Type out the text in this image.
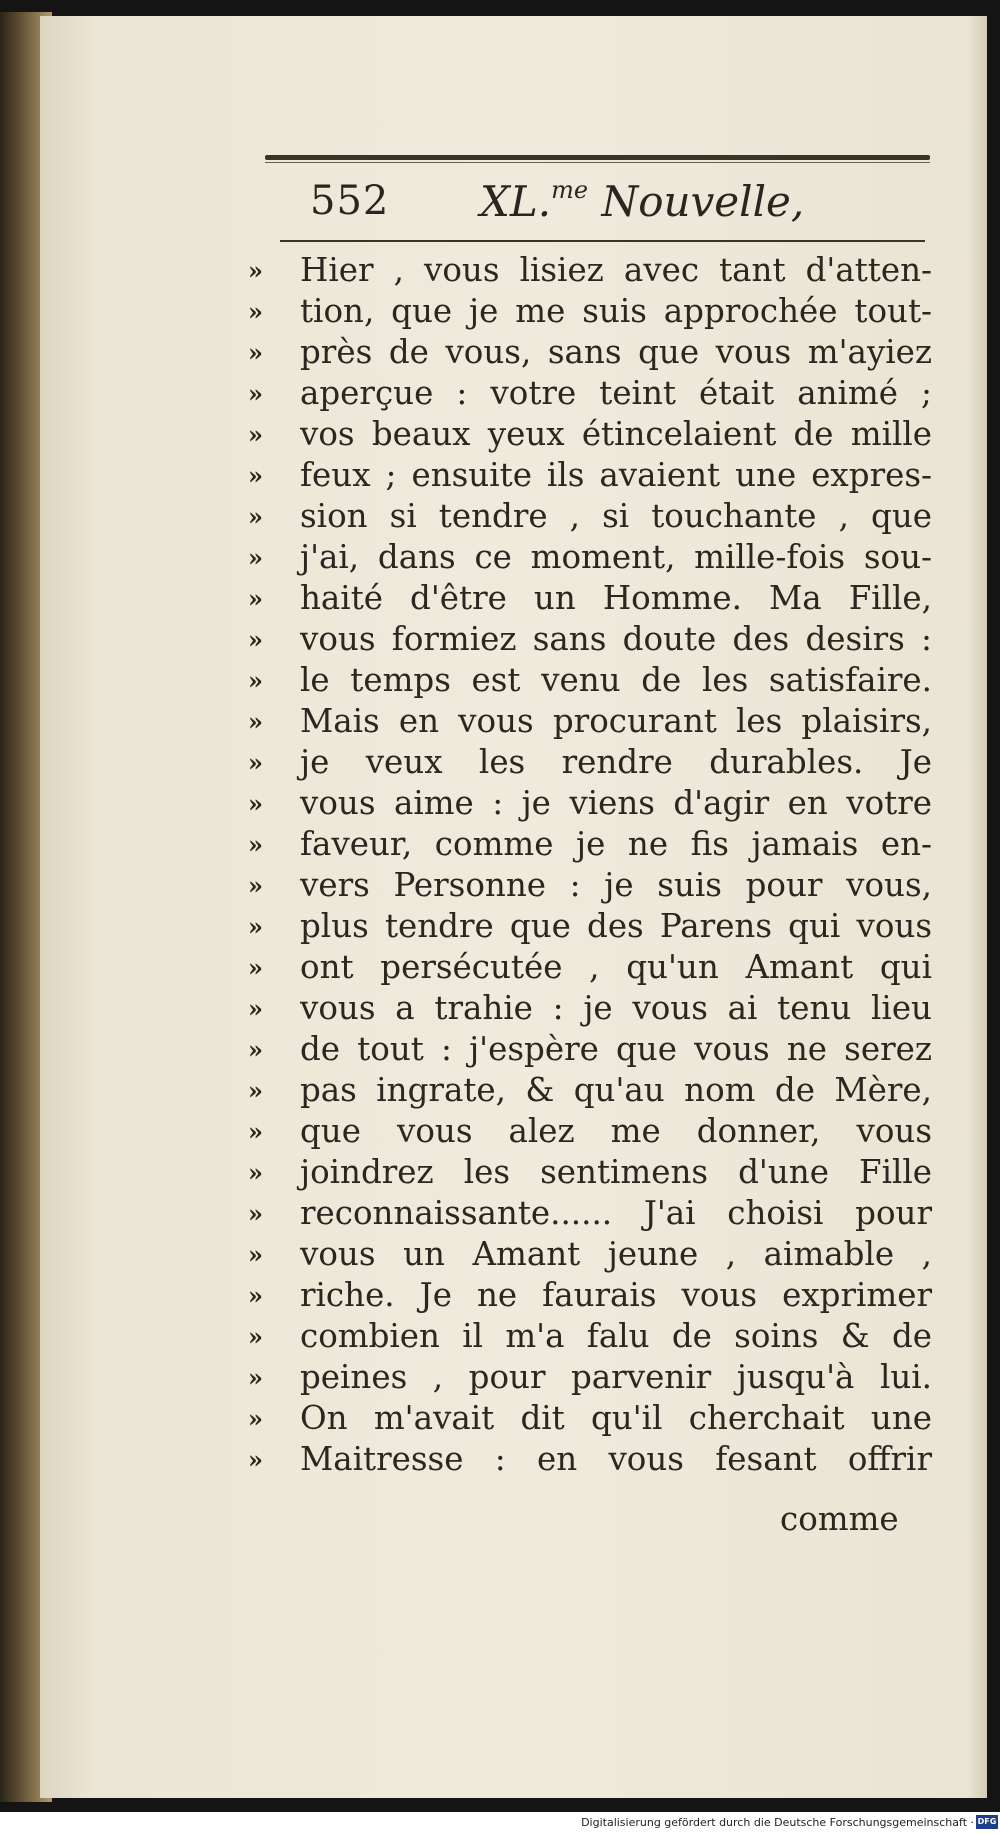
552 XL.$^{me}$ Nouvelle,
» Hier , vous lisiez avec tant d'atten-
» tion, que je me suis approchée tout-
» près de vous, sans que vous m'ayiez
» aperçue : votre teint était animé ;
» vos beaux yeux étincelaient de mille
» feux ; ensuite ils avaient une expres-
» sion si tendre , si touchante , que
» j'ai, dans ce moment, mille-fois sou-
» haité d'être un Homme. Ma Fille,
» vous formiez sans doute des desirs :
» le temps est venu de les satisfaire.
» Mais en vous procurant les plaisirs,
» je veux les rendre durables. Je
» vous aime : je viens d'agir en votre
» faveur, comme je ne fis jamais en-
» vers Personne : je suis pour vous,
» plus tendre que des Parens qui vous
» ont persécutée , qu'un Amant qui
» vous a trahie : je vous ai tenu lieu
» de tout : j'espère que vous ne serez
» pas ingrate, & qu'au nom de Mère,
» que vous alez me donner, vous
» joindrez les sentimens d'une Fille
» reconnaissante...... J'ai choisi pour
» vous un Amant jeune , aimable ,
» riche. Je ne faurais vous exprimer
» combien il m'a falu de soins & de
» peines , pour parvenir jusqu'à lui.
» On m'avait dit qu'il cherchait une
» Maitresse : en vous fesant offrir
comme
Digitalisierung gefördert durch die Deutsche Forschungsgemeinschaft · DFG
